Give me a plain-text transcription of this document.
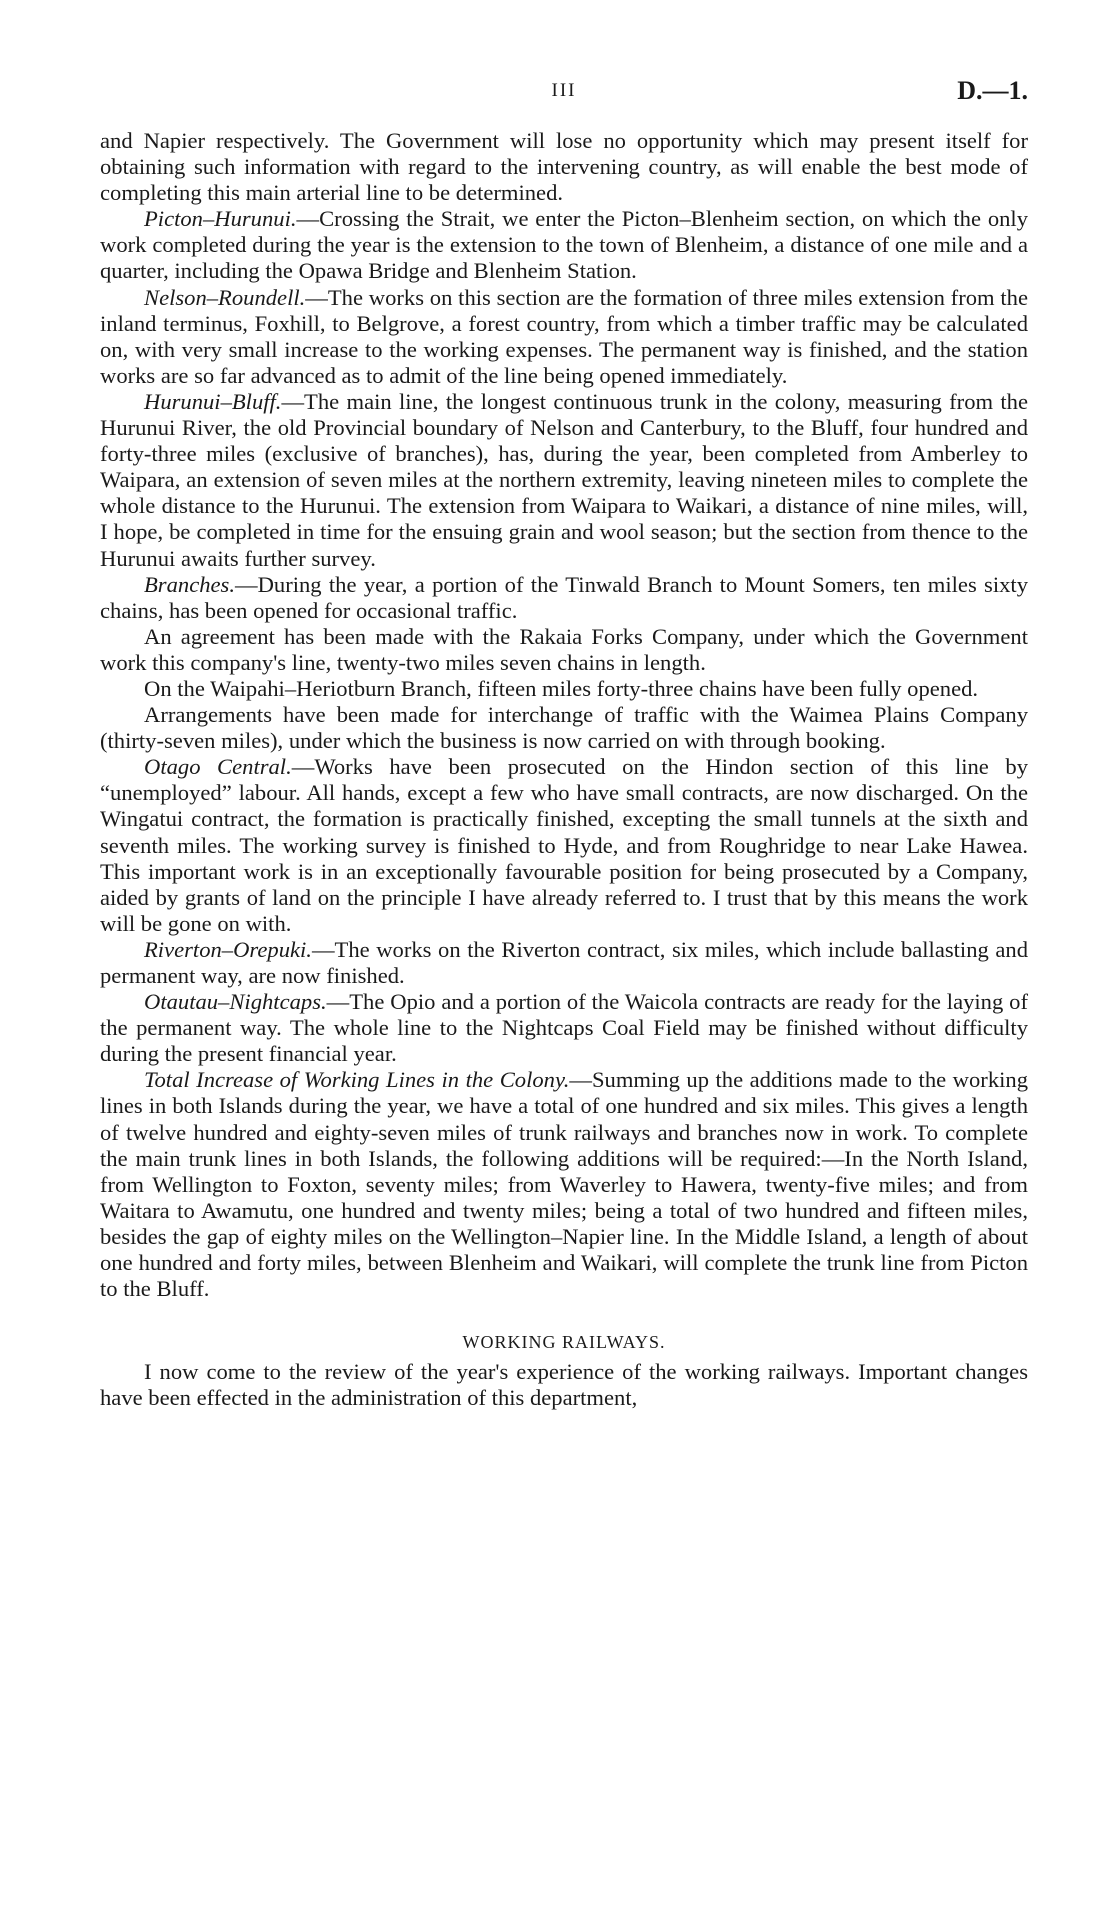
III	D.—1.

and Napier respectively. The Government will lose no opportunity which may present itself for obtaining such information with regard to the intervening country, as will enable the best mode of completing this main arterial line to be determined.

Picton–Hurunui.—Crossing the Strait, we enter the Picton–Blenheim section, on which the only work completed during the year is the extension to the town of Blenheim, a distance of one mile and a quarter, including the Opawa Bridge and Blenheim Station.

Nelson–Roundell.—The works on this section are the formation of three miles extension from the inland terminus, Foxhill, to Belgrove, a forest country, from which a timber traffic may be calculated on, with very small increase to the working expenses. The permanent way is finished, and the station works are so far advanced as to admit of the line being opened immediately.

Hurunui–Bluff.—The main line, the longest continuous trunk in the colony, measuring from the Hurunui River, the old Provincial boundary of Nelson and Canterbury, to the Bluff, four hundred and forty-three miles (exclusive of branches), has, during the year, been completed from Amberley to Waipara, an extension of seven miles at the northern extremity, leaving nineteen miles to complete the whole distance to the Hurunui. The extension from Waipara to Waikari, a distance of nine miles, will, I hope, be completed in time for the ensuing grain and wool season; but the section from thence to the Hurunui awaits further survey.

Branches.—During the year, a portion of the Tinwald Branch to Mount Somers, ten miles sixty chains, has been opened for occasional traffic.

An agreement has been made with the Rakaia Forks Company, under which the Government work this company's line, twenty-two miles seven chains in length.

On the Waipahi–Heriotburn Branch, fifteen miles forty-three chains have been fully opened.

Arrangements have been made for interchange of traffic with the Waimea Plains Company (thirty-seven miles), under which the business is now carried on with through booking.

Otago Central.—Works have been prosecuted on the Hindon section of this line by “unemployed” labour. All hands, except a few who have small contracts, are now discharged. On the Wingatui contract, the formation is practically finished, excepting the small tunnels at the sixth and seventh miles. The working survey is finished to Hyde, and from Roughridge to near Lake Hawea. This important work is in an exceptionally favourable position for being prosecuted by a Company, aided by grants of land on the principle I have already referred to. I trust that by this means the work will be gone on with.

Riverton–Orepuki.—The works on the Riverton contract, six miles, which include ballasting and permanent way, are now finished.

Otautau–Nightcaps.—The Opio and a portion of the Waicola contracts are ready for the laying of the permanent way. The whole line to the Nightcaps Coal Field may be finished without difficulty during the present financial year.

Total Increase of Working Lines in the Colony.—Summing up the additions made to the working lines in both Islands during the year, we have a total of one hundred and six miles. This gives a length of twelve hundred and eighty-seven miles of trunk railways and branches now in work. To complete the main trunk lines in both Islands, the following additions will be required:—In the North Island, from Wellington to Foxton, seventy miles; from Waverley to Hawera, twenty-five miles; and from Waitara to Awamutu, one hundred and twenty miles; being a total of two hundred and fifteen miles, besides the gap of eighty miles on the Wellington–Napier line. In the Middle Island, a length of about one hundred and forty miles, between Blenheim and Waikari, will complete the trunk line from Picton to the Bluff.

WORKING RAILWAYS.

I now come to the review of the year's experience of the working railways. Important changes have been effected in the administration of this department,
